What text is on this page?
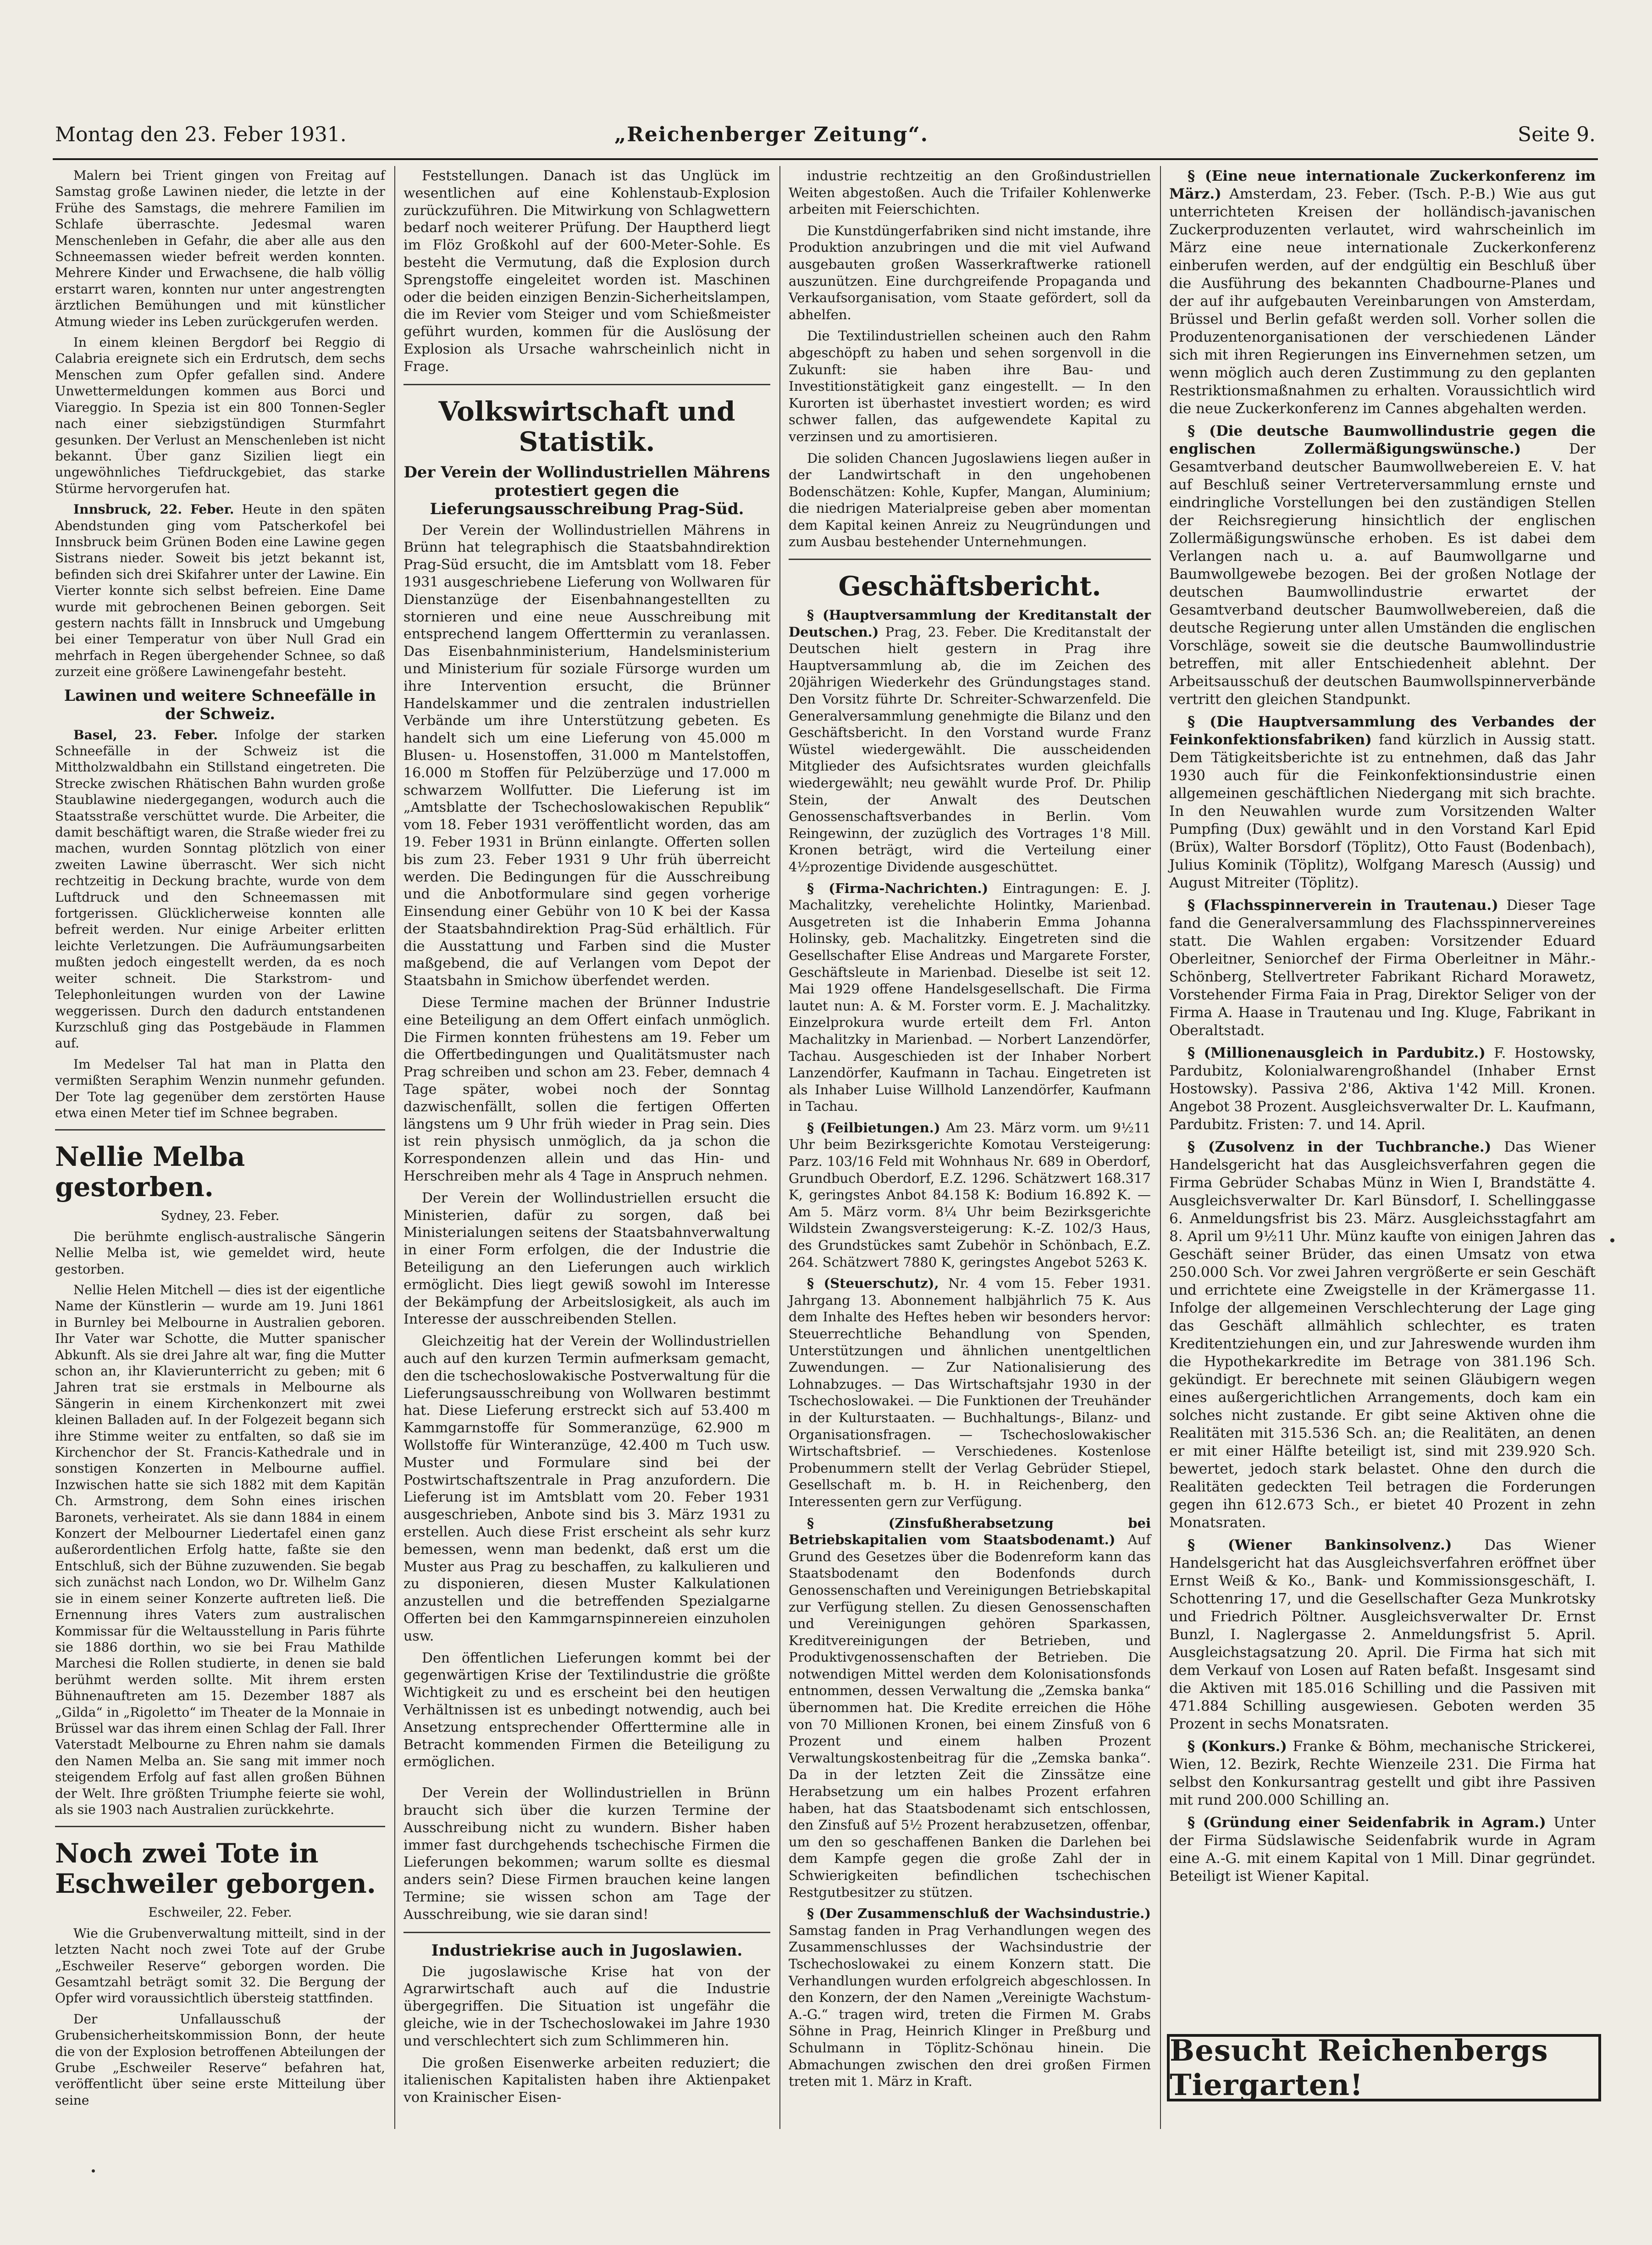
Montag den 23. Feber 1931.	„Reichenberger Zeitung“.	Seite 9.

Malern bei Trient gingen von Freitag auf Samstag große Lawinen nieder, die letzte in der Frühe des Samstags, die mehrere Familien im Schlafe überraschte. Jedesmal waren Menschenleben in Gefahr, die aber alle aus den Schneemassen wieder befreit werden konnten. Mehrere Kinder und Erwachsene, die halb völlig erstarrt waren, konnten nur unter angestrengten ärztlichen Bemühungen und mit künstlicher Atmung wieder ins Leben zurückgerufen werden.

In einem kleinen Bergdorf bei Reggio di Calabria ereignete sich ein Erdrutsch, dem sechs Menschen zum Opfer gefallen sind. Andere Unwettermeldungen kommen aus Borci und Viareggio. In Spezia ist ein 800 Tonnen-Segler nach einer siebzigstündigen Sturmfahrt gesunken. Der Verlust an Menschenleben ist nicht bekannt. Über ganz Sizilien liegt ein ungewöhnliches Tiefdruckgebiet, das starke Stürme hervorgerufen hat.

Innsbruck, 22. Feber. Heute in den späten Abendstunden ging vom Patscherkofel bei Innsbruck beim Grünen Boden eine Lawine gegen Sistrans nieder. Soweit bis jetzt bekannt ist, befinden sich drei Skifahrer unter der Lawine. Ein Vierter konnte sich selbst befreien. Eine Dame wurde mit gebrochenen Beinen geborgen. Seit gestern nachts fällt in Innsbruck und Umgebung bei einer Temperatur von über Null Grad ein mehrfach in Regen übergehender Schnee, so daß zurzeit eine größere Lawinengefahr besteht.

Lawinen und weitere Schneefälle in der Schweiz.

Basel, 23. Feber. Infolge der starken Schneefälle in der Schweiz ist die Mittholzwaldbahn ein Stillstand eingetreten. Die Strecke zwischen Rhätischen Bahn wurden große Staublawine niedergegangen, wodurch auch die Staatsstraße verschüttet wurde. Die Arbeiter, die damit beschäftigt waren, die Straße wieder frei zu machen, wurden Sonntag plötzlich von einer zweiten Lawine überrascht. Wer sich nicht rechtzeitig in Deckung brachte, wurde von dem Luftdruck und den Schneemassen mit fortgerissen. Glücklicherweise konnten alle befreit werden. Nur einige Arbeiter erlitten leichte Verletzungen. Die Aufräumungsarbeiten mußten jedoch eingestellt werden, da es noch weiter schneit. Die Starkstrom- und Telephonleitungen wurden von der Lawine weggerissen. Durch den dadurch entstandenen Kurzschluß ging das Postgebäude in Flammen auf.

Im Medelser Tal hat man in Platta den vermißten Seraphim Wenzin nunmehr gefunden. Der Tote lag gegenüber dem zerstörten Hause etwa einen Meter tief im Schnee begraben.

Nellie Melba gestorben.
Sydney, 23. Feber.

Die berühmte englisch-australische Sängerin Nellie Melba ist, wie gemeldet wird, heute gestorben.

Nellie Helen Mitchell — dies ist der eigentliche Name der Künstlerin — wurde am 19. Juni 1861 in Burnley bei Melbourne in Australien geboren. Ihr Vater war Schotte, die Mutter spanischer Abkunft. Als sie drei Jahre alt war, fing die Mutter schon an, ihr Klavierunterricht zu geben; mit 6 Jahren trat sie erstmals in Melbourne als Sängerin in einem Kirchenkonzert mit zwei kleinen Balladen auf. In der Folgezeit begann sich ihre Stimme weiter zu entfalten, so daß sie im Kirchenchor der St. Francis-Kathedrale und in sonstigen Konzerten in Melbourne auffiel. Inzwischen hatte sie sich 1882 mit dem Kapitän Ch. Armstrong, dem Sohn eines irischen Baronets, verheiratet. Als sie dann 1884 in einem Konzert der Melbourner Liedertafel einen ganz außerordentlichen Erfolg hatte, faßte sie den Entschluß, sich der Bühne zuzuwenden. Sie begab sich zunächst nach London, wo Dr. Wilhelm Ganz sie in einem seiner Konzerte auftreten ließ. Die Ernennung ihres Vaters zum australischen Kommissar für die Weltausstellung in Paris führte sie 1886 dorthin, wo sie bei Frau Mathilde Marchesi die Rollen studierte, in denen sie bald berühmt werden sollte. Mit ihrem ersten Bühnenauftreten am 15. Dezember 1887 als „Gilda“ in „Rigoletto“ im Theater de la Monnaie in Brüssel war das ihrem einen Schlag der Fall. Ihrer Vaterstadt Melbourne zu Ehren nahm sie damals den Namen Melba an. Sie sang mit immer noch steigendem Erfolg auf fast allen großen Bühnen der Welt. Ihre größten Triumphe feierte sie wohl, als sie 1903 nach Australien zurückkehrte.

Noch zwei Tote in Eschweiler geborgen.
Eschweiler, 22. Feber.

Wie die Grubenverwaltung mitteilt, sind in der letzten Nacht noch zwei Tote auf der Grube „Eschweiler Reserve“ geborgen worden. Die Gesamtzahl beträgt somit 32. Die Bergung der Opfer wird voraussichtlich übersteig stattfinden.

Der Unfallausschuß der Grubensicherheitskommission Bonn, der heute die von der Explosion betroffenen Abteilungen der Grube „Eschweiler Reserve“ befahren hat, veröffentlicht über seine erste Mitteilung über seine

Feststellungen. Danach ist das Unglück im wesentlichen auf eine Kohlenstaub-Explosion zurückzuführen. Die Mitwirkung von Schlagwettern bedarf noch weiterer Prüfung. Der Hauptherd liegt im Flöz Großkohl auf der 600-Meter-Sohle. Es besteht die Vermutung, daß die Explosion durch Sprengstoffe eingeleitet worden ist. Maschinen oder die beiden einzigen Benzin-Sicherheitslampen, die im Revier vom Steiger und vom Schießmeister geführt wurden, kommen für die Auslösung der Explosion als Ursache wahrscheinlich nicht in Frage.

Volkswirtschaft und Statistik.
Der Verein der Wollindustriellen Mährens protestiert gegen die Lieferungsausschreibung Prag-Süd.

Der Verein der Wollindustriellen Mährens in Brünn hat telegraphisch die Staatsbahndirektion Prag-Süd ersucht, die im Amtsblatt vom 18. Feber 1931 ausgeschriebene Lieferung von Wollwaren für Dienstanzüge der Eisenbahnangestellten zu stornieren und eine neue Ausschreibung mit entsprechend langem Offerttermin zu veranlassen. Das Eisenbahnministerium, Handelsministerium und Ministerium für soziale Fürsorge wurden um ihre Intervention ersucht, die Brünner Handelskammer und die zentralen industriellen Verbände um ihre Unterstützung gebeten. Es handelt sich um eine Lieferung von 45.000 m Blusen- u. Hosenstoffen, 31.000 m Mantelstoffen, 16.000 m Stoffen für Pelzüberzüge und 17.000 m schwarzem Wollfutter. Die Lieferung ist im „Amtsblatte der Tschechoslowakischen Republik“ vom 18. Feber 1931 veröffentlicht worden, das am 19. Feber 1931 in Brünn einlangte. Offerten sollen bis zum 23. Feber 1931 9 Uhr früh überreicht werden. Die Bedingungen für die Ausschreibung und die Anbotformulare sind gegen vorherige Einsendung einer Gebühr von 10 K bei der Kassa der Staatsbahndirektion Prag-Süd erhältlich. Für die Ausstattung und Farben sind die Muster maßgebend, die auf Verlangen vom Depot der Staatsbahn in Smichow überfendet werden.

Diese Termine machen der Brünner Industrie eine Beteiligung an dem Offert einfach unmöglich. Die Firmen konnten frühestens am 19. Feber um die Offertbedingungen und Qualitätsmuster nach Prag schreiben und schon am 23. Feber, demnach 4 Tage später, wobei noch der Sonntag dazwischenfällt, sollen die fertigen Offerten längstens um 9 Uhr früh wieder in Prag sein. Dies ist rein physisch unmöglich, da ja schon die Korrespondenzen allein und das Hin- und Herschreiben mehr als 4 Tage in Anspruch nehmen.

Der Verein der Wollindustriellen ersucht die Ministerien, dafür zu sorgen, daß bei Ministerialungen seitens der Staatsbahnverwaltung in einer Form erfolgen, die der Industrie die Beteiligung an den Lieferungen auch wirklich ermöglicht. Dies liegt gewiß sowohl im Interesse der Bekämpfung der Arbeitslosigkeit, als auch im Interesse der ausschreibenden Stellen.

Gleichzeitig hat der Verein der Wollindustriellen auch auf den kurzen Termin aufmerksam gemacht, den die tschechoslowakische Postverwaltung für die Lieferungsausschreibung von Wollwaren bestimmt hat. Diese Lieferung erstreckt sich auf 53.400 m Kammgarnstoffe für Sommeranzüge, 62.900 m Wollstoffe für Winteranzüge, 42.400 m Tuch usw. Muster und Formulare sind bei der Postwirtschaftszentrale in Prag anzufordern. Die Lieferung ist im Amtsblatt vom 20. Feber 1931 ausgeschrieben, Anbote sind bis 3. März 1931 zu erstellen. Auch diese Frist erscheint als sehr kurz bemessen, wenn man bedenkt, daß erst um die Muster aus Prag zu beschaffen, zu kalkulieren und zu disponieren, diesen Muster Kalkulationen anzustellen und die betreffenden Spezialgarne Offerten bei den Kammgarnspinnereien einzuholen usw.

Den öffentlichen Lieferungen kommt bei der gegenwärtigen Krise der Textilindustrie die größte Wichtigkeit zu und es erscheint bei den heutigen Verhältnissen ist es unbedingt notwendig, auch bei Ansetzung entsprechender Offerttermine alle in Betracht kommenden Firmen die Beteiligung zu ermöglichen.

Der Verein der Wollindustriellen in Brünn braucht sich über die kurzen Termine der Ausschreibung nicht zu wundern. Bisher haben immer fast durchgehends tschechische Firmen die Lieferungen bekommen; warum sollte es diesmal anders sein? Diese Firmen brauchen keine langen Termine; sie wissen schon am Tage der Ausschreibung, wie sie daran sind!

Industriekrise auch in Jugoslawien.

Die jugoslawische Krise hat von der Agrarwirtschaft auch auf die Industrie übergegriffen. Die Situation ist ungefähr die gleiche, wie in der Tschechoslowakei im Jahre 1930 und verschlechtert sich zum Schlimmeren hin.

Die großen Eisenwerke arbeiten reduziert; die italienischen Kapitalisten haben ihre Aktienpaket von Krainischer Eisen-

industrie rechtzeitig an den Großindustriellen Weiten abgestoßen. Auch die Trifailer Kohlenwerke arbeiten mit Feierschichten.

Die Kunstdüngerfabriken sind nicht imstande, ihre Produktion anzubringen und die mit viel Aufwand ausgebauten großen Wasserkraftwerke rationell auszunützen. Eine durchgreifende Propaganda und Verkaufsorganisation, vom Staate gefördert, soll da abhelfen.

Die Textilindustriellen scheinen auch den Rahm abgeschöpft zu haben und sehen sorgenvoll in die Zukunft: sie haben ihre Bau- und Investitionstätigkeit ganz eingestellt. — In den Kurorten ist überhastet investiert worden; es wird schwer fallen, das aufgewendete Kapital zu verzinsen und zu amortisieren.

Die soliden Chancen Jugoslawiens liegen außer in der Landwirtschaft in den ungehobenen Bodenschätzen: Kohle, Kupfer, Mangan, Aluminium; die niedrigen Materialpreise geben aber momentan dem Kapital keinen Anreiz zu Neugründungen und zum Ausbau bestehender Unternehmungen.

Geschäftsbericht.

§ (Hauptversammlung der Kreditanstalt der Deutschen.) Prag, 23. Feber. Die Kreditanstalt der Deutschen hielt gestern in Prag ihre Hauptversammlung ab, die im Zeichen des 20jährigen Wiederkehr des Gründungstages stand. Den Vorsitz führte Dr. Schreiter-Schwarzenfeld. Die Generalversammlung genehmigte die Bilanz und den Geschäftsbericht. In den Vorstand wurde Franz Wüstel wiedergewählt. Die ausscheidenden Mitglieder des Aufsichtsrates wurden gleichfalls wiedergewählt; neu gewählt wurde Prof. Dr. Philip Stein, der Anwalt des Deutschen Genossenschaftsverbandes in Berlin. Vom Reingewinn, der zuzüglich des Vortrages 1'8 Mill. Kronen beträgt, wird die Verteilung einer 4½prozentige Dividende ausgeschüttet.

§ (Firma-Nachrichten.) Eintragungen: E. J. Machalitzky, verehelichte Holintky, Marienbad. Ausgetreten ist die Inhaberin Emma Johanna Holinsky, geb. Machalitzky. Eingetreten sind die Gesellschafter Elise Andreas und Margarete Forster, Geschäftsleute in Marienbad. Dieselbe ist seit 12. Mai 1929 offene Handelsgesellschaft. Die Firma lautet nun: A. & M. Forster vorm. E. J. Machalitzky. Einzelprokura wurde erteilt dem Frl. Anton Machalitzky in Marienbad. — Norbert Lanzendörfer, Tachau. Ausgeschieden ist der Inhaber Norbert Lanzendörfer, Kaufmann in Tachau. Eingetreten ist als Inhaber Luise Willhold Lanzendörfer, Kaufmann in Tachau.

§ (Feilbietungen.) Am 23. März vorm. um 9½11 Uhr beim Bezirksgerichte Komotau Versteigerung: Parz. 103/16 Feld mit Wohnhaus Nr. 689 in Oberdorf, Grundbuch Oberdorf, E.Z. 1296. Schätzwert 168.317 K, geringstes Anbot 84.158 K: Bodium 16.892 K. — Am 5. März vorm. 8¼ Uhr beim Bezirksgerichte Wildstein Zwangsversteigerung: K.-Z. 102/3 Haus, des Grundstückes samt Zubehör in Schönbach, E.Z. 264. Schätzwert 7880 K, geringstes Angebot 5263 K.

§ (Steuerschutz), Nr. 4 vom 15. Feber 1931. Jahrgang 13. Abonnement halbjährlich 75 K. Aus dem Inhalte des Heftes heben wir besonders hervor: Steuerrechtliche Behandlung von Spenden, Unterstützungen und ähnlichen unentgeltlichen Zuwendungen. — Zur Nationalisierung des Lohnabzuges. — Das Wirtschaftsjahr 1930 in der Tschechoslowakei. — Die Funktionen der Treuhänder in der Kulturstaaten. — Buchhaltungs-, Bilanz- und Organisationsfragen. — Tschechoslowakischer Wirtschaftsbrief. — Verschiedenes. Kostenlose Probenummern stellt der Verlag Gebrüder Stiepel, Gesellschaft m. b. H. in Reichenberg, den Interessenten gern zur Verfügung.

§ (Zinsfußherabsetzung bei Betriebskapitalien vom Staatsbodenamt.) Auf Grund des Gesetzes über die Bodenreform kann das Staatsbodenamt den Bodenfonds durch Genossenschaften und Vereinigungen Betriebskapital zur Verfügung stellen. Zu diesen Genossenschaften und Vereinigungen gehören Sparkassen, Kreditvereinigungen der Betrieben, und Produktivgenossenschaften der Betrieben. Die notwendigen Mittel werden dem Kolonisationsfonds entnommen, dessen Verwaltung die „Zemska banka“ übernommen hat. Die Kredite erreichen die Höhe von 70 Millionen Kronen, bei einem Zinsfuß von 6 Prozent und einem halben Prozent Verwaltungskostenbeitrag für die „Zemska banka“. Da in der letzten Zeit die Zinssätze eine Herabsetzung um ein halbes Prozent erfahren haben, hat das Staatsbodenamt sich entschlossen, den Zinsfuß auf 5½ Prozent herabzusetzen, offenbar, um den so geschaffenen Banken die Darlehen bei dem Kampfe gegen die große Zahl der in Schwierigkeiten befindlichen tschechischen Restgutbesitzer zu stützen.

§ (Der Zusammenschluß der Wachsindustrie.) Samstag fanden in Prag Verhandlungen wegen des Zusammenschlusses der Wachsindustrie der Tschechoslowakei zu einem Konzern statt. Die Verhandlungen wurden erfolgreich abgeschlossen. In den Konzern, der den Namen „Vereinigte Wachstum-A.-G.“ tragen wird, treten die Firmen M. Grabs Söhne in Prag, Heinrich Klinger in Preßburg und Schulmann in Töplitz-Schönau hinein. Die Abmachungen zwischen den drei großen Firmen treten mit 1. März in Kraft.

§ (Eine neue internationale Zuckerkonferenz im März.) Amsterdam, 23. Feber. (Tsch. P.-B.) Wie aus gut unterrichteten Kreisen der holländisch-javanischen Zuckerproduzenten verlautet, wird wahrscheinlich im März eine neue internationale Zuckerkonferenz einberufen werden, auf der endgültig ein Beschluß über die Ausführung des bekannten Chadbourne-Planes und der auf ihr aufgebauten Vereinbarungen von Amsterdam, Brüssel und Berlin gefaßt werden soll. Vorher sollen die Produzentenorganisationen der verschiedenen Länder sich mit ihren Regierungen ins Einvernehmen setzen, um wenn möglich auch deren Zustimmung zu den geplanten Restriktionsmaßnahmen zu erhalten. Voraussichtlich wird die neue Zuckerkonferenz im Cannes abgehalten werden.

§ (Die deutsche Baumwollindustrie gegen die englischen Zollermäßigungswünsche.) Der Gesamtverband deutscher Baumwollwebereien E. V. hat auf Beschluß seiner Vertreterversammlung ernste und eindringliche Vorstellungen bei den zuständigen Stellen der Reichsregierung hinsichtlich der englischen Zollermäßigungswünsche erhoben. Es ist dabei dem Verlangen nach u. a. auf Baumwollgarne und Baumwollgewebe bezogen. Bei der großen Notlage der deutschen Baumwollindustrie erwartet der Gesamtverband deutscher Baumwollwebereien, daß die deutsche Regierung unter allen Umständen die englischen Vorschläge, soweit sie die deutsche Baumwollindustrie betreffen, mit aller Entschiedenheit ablehnt. Der Arbeitsausschuß der deutschen Baumwollspinnerverbände vertritt den gleichen Standpunkt.

§ (Die Hauptversammlung des Verbandes der Feinkonfektionsfabriken) fand kürzlich in Aussig statt. Dem Tätigkeitsberichte ist zu entnehmen, daß das Jahr 1930 auch für die Feinkonfektionsindustrie einen allgemeinen geschäftlichen Niedergang mit sich brachte. In den Neuwahlen wurde zum Vorsitzenden Walter Pumpfing (Dux) gewählt und in den Vorstand Karl Epid (Brüx), Walter Borsdorf (Töplitz), Otto Faust (Bodenbach), Julius Kominik (Töplitz), Wolfgang Maresch (Aussig) und August Mitreiter (Töplitz).

§ (Flachsspinnerverein in Trautenau.) Dieser Tage fand die Generalversammlung des Flachsspinnervereines statt. Die Wahlen ergaben: Vorsitzender Eduard Oberleitner, Seniorchef der Firma Oberleitner in Mähr.-Schönberg, Stellvertreter Fabrikant Richard Morawetz, Vorstehender Firma Faia in Prag, Direktor Seliger von der Firma A. Haase in Trautenau und Ing. Kluge, Fabrikant in Oberaltstadt.

§ (Millionenausgleich in Pardubitz.) F. Hostowsky, Pardubitz, Kolonialwarengroßhandel (Inhaber Ernst Hostowsky). Passiva 2'86, Aktiva 1'42 Mill. Kronen. Angebot 38 Prozent. Ausgleichsverwalter Dr. L. Kaufmann, Pardubitz. Fristen: 7. und 14. April.

§ (Zusolvenz in der Tuchbranche.) Das Wiener Handelsgericht hat das Ausgleichsverfahren gegen die Firma Gebrüder Schabas Münz in Wien I, Brandstätte 4. Ausgleichsverwalter Dr. Karl Bünsdorf, I. Schellinggasse 6. Anmeldungsfrist bis 23. März. Ausgleichsstagfahrt am 8. April um 9½11 Uhr. Münz kaufte von einigen Jahren das Geschäft seiner Brüder, das einen Umsatz von etwa 250.000 Sch. Vor zwei Jahren vergrößerte er sein Geschäft und errichtete eine Zweigstelle in der Krämergasse 11. Infolge der allgemeinen Verschlechterung der Lage ging das Geschäft allmählich schlechter, es traten Kreditentziehungen ein, und zur Jahreswende wurden ihm die Hypothekarkredite im Betrage von 381.196 Sch. gekündigt. Er berechnete mit seinen Gläubigern wegen eines außergerichtlichen Arrangements, doch kam ein solches nicht zustande. Er gibt seine Aktiven ohne die Realitäten mit 315.536 Sch. an; die Realitäten, an denen er mit einer Hälfte beteiligt ist, sind mit 239.920 Sch. bewertet, jedoch stark belastet. Ohne den durch die Realitäten gedeckten Teil betragen die Forderungen gegen ihn 612.673 Sch., er bietet 40 Prozent in zehn Monatsraten.

§ (Wiener Bankinsolvenz.) Das Wiener Handelsgericht hat das Ausgleichsverfahren eröffnet über Ernst Weiß & Ko., Bank- und Kommissionsgeschäft, I. Schottenring 17, und die Gesellschafter Geza Munkrotsky und Friedrich Pöltner. Ausgleichsverwalter Dr. Ernst Bunzl, I. Naglergasse 2. Anmeldungsfrist 5. April. Ausgleichstagsatzung 20. April. Die Firma hat sich mit dem Verkauf von Losen auf Raten befaßt. Insgesamt sind die Aktiven mit 185.016 Schilling und die Passiven mit 471.884 Schilling ausgewiesen. Geboten werden 35 Prozent in sechs Monatsraten.

§ (Konkurs.) Franke & Böhm, mechanische Strickerei, Wien, 12. Bezirk, Rechte Wienzeile 231. Die Firma hat selbst den Konkursantrag gestellt und gibt ihre Passiven mit rund 200.000 Schilling an.

§ (Gründung einer Seidenfabrik in Agram.) Unter der Firma Südslawische Seidenfabrik wurde in Agram eine A.-G. mit einem Kapital von 1 Mill. Dinar gegründet. Beteiligt ist Wiener Kapital.

Besucht Reichenbergs Tiergarten!
